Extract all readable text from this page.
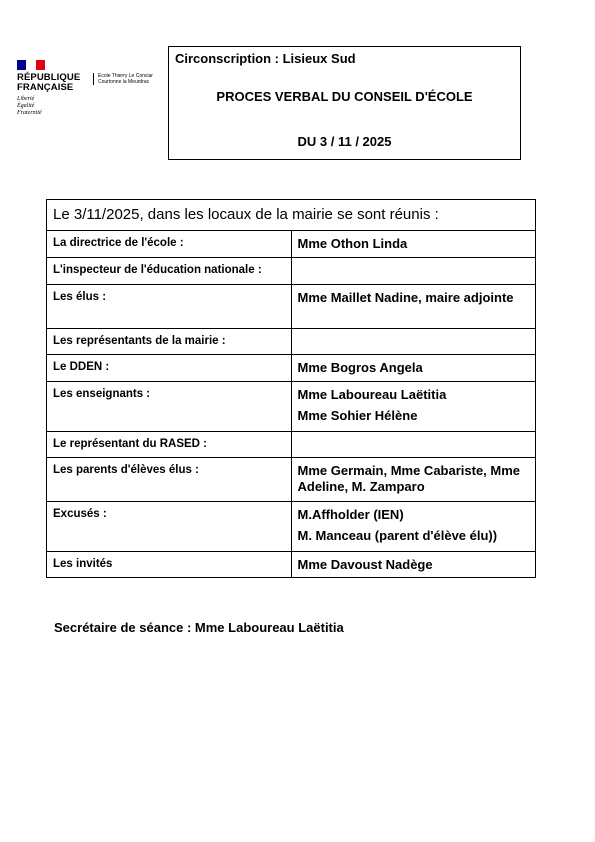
RÉPUBLIQUE
FRANÇAISE
Liberté
Égalité
Fraternité
Ecole Thierry Le Conciar
Courtonne la Meurdrac
Circonscription : Lisieux Sud
PROCES VERBAL DU CONSEIL D'ÉCOLE
DU 3 / 11 / 2025
Le 3/11/2025, dans les locaux de la mairie se sont réunis :	
La directrice de l'école :	Mme Othon Linda

L'inspecteur de l'éducation nationale :	
Les élus :	Mme Maillet Nadine, maire adjointe

Les représentants de la mairie :	
Le DDEN :	Mme Bogros Angela

Les enseignants :	Mme Laboureau Laëtitia
Mme Sohier Hélène

Le représentant du RASED :	
Les parents d'élèves élus :	Mme Germain, Mme Cabariste, Mme Adeline, M. Zamparo

Excusés :	M.Affholder (IEN)
M. Manceau (parent d'élève élu))

Les invités	Mme Davoust Nadège
Secrétaire de séance : Mme Laboureau Laëtitia
